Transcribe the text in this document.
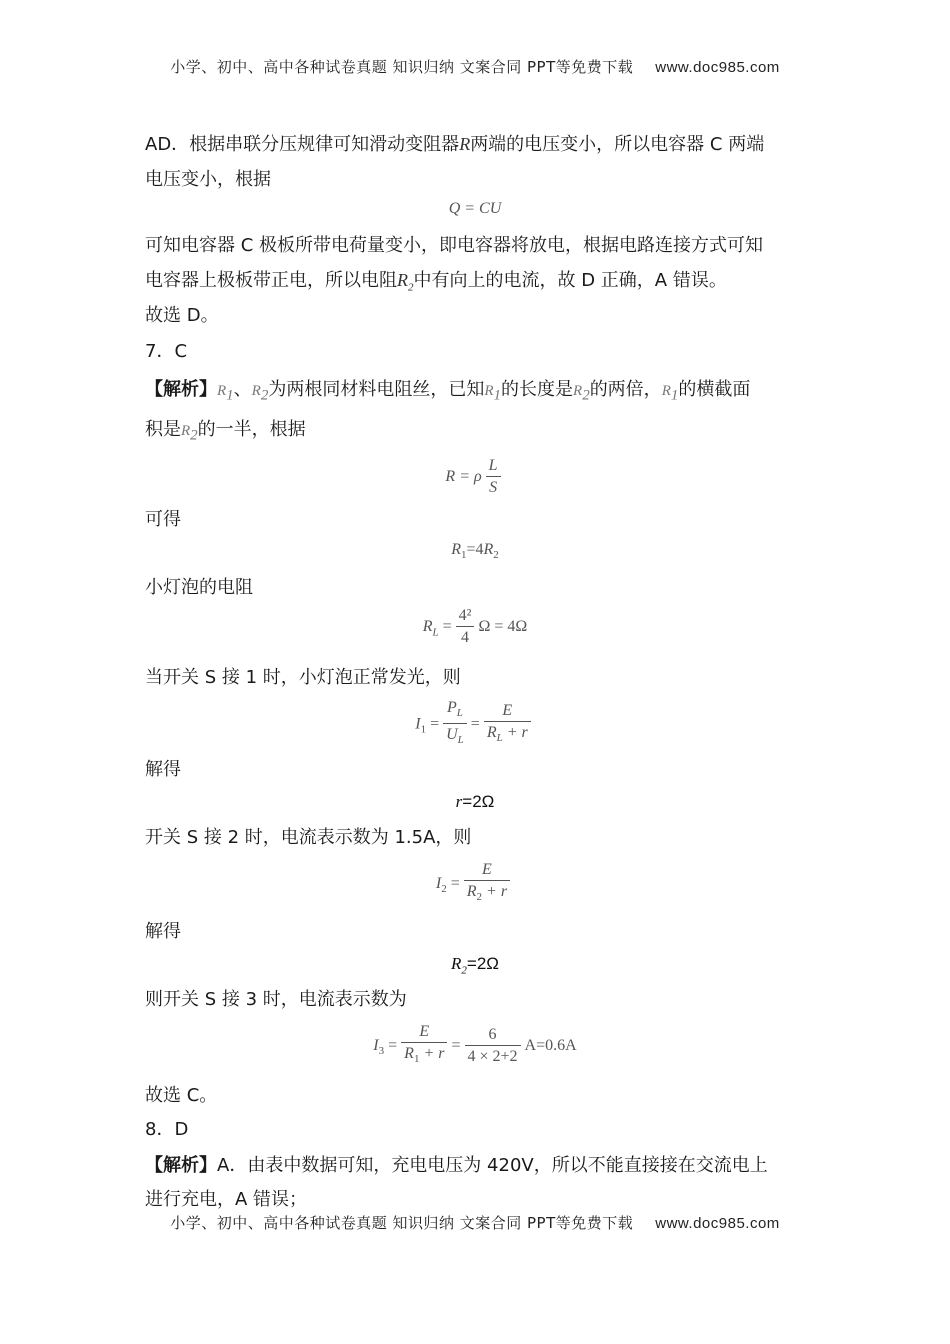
小学、初中、高中各种试卷真题 知识归纳 文案合同 PPT等免费下载 www.doc985.com
AD．根据串联分压规律可知滑动变阻器R两端的电压变小，所以电容器 C 两端
电压变小，根据
Q = CU
可知电容器 C 极板所带电荷量变小，即电容器将放电，根据电路连接方式可知
电容器上极板带正电，所以电阻$R_2$中有向上的电流，故 D 正确，A 错误。
故选 D。
7．C
【解析】$R_1$、$R_2$为两根同材料电阻丝，已知$R_1$的长度是$R_2$的两倍，$R_1$的横截面
积是$R_2$的一半，根据
R = ρ $\frac{L}{S}$
可得
$R_1=4R_2$
小灯泡的电阻
$R_L = \frac{\text{4²}}{4}$ Ω = 4Ω
当开关 S 接 1 时，小灯泡正常发光，则
$I_1 = \frac{P_L}{U_L} = \frac{E}{R_L + r}$
解得
r=2Ω
开关 S 接 2 时，电流表示数为 1.5A，则
$I_2 = \frac{E}{R_2 + r}$
解得
$R_2=2\Omega$
则开关 S 接 3 时，电流表示数为
$I_3 = \frac{E}{R_1 + r} = \frac{6}{4 \times 2+2} A=0.6A$
故选 C。
8．D
【解析】A．由表中数据可知，充电电压为 420V，所以不能直接接在交流电上
进行充电，A 错误；
小学、初中、高中各种试卷真题 知识归纳 文案合同 PPT等免费下载 www.doc985.com
